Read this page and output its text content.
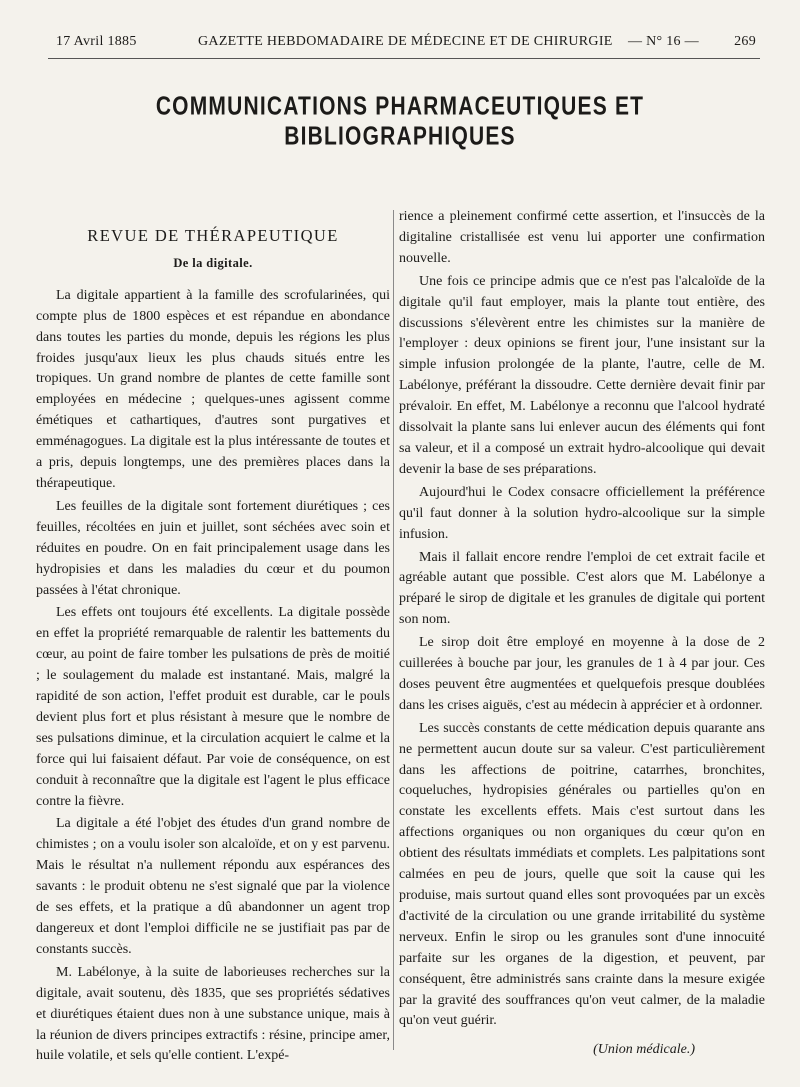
17 Avril 1885	GAZETTE HEBDOMADAIRE DE MÉDECINE ET DE CHIRURGIE — N° 16 —	269
COMMUNICATIONS PHARMACEUTIQUES ET BIBLIOGRAPHIQUES
REVUE DE THÉRAPEUTIQUE
De la digitale.

La digitale appartient à la famille des scrofularinées, qui compte plus de 1800 espèces et est répandue en abondance dans toutes les parties du monde, depuis les régions les plus froides jusqu'aux lieux les plus chauds situés entre les tropiques. Un grand nombre de plantes de cette famille sont employées en médecine ; quelques-unes agissent comme émétiques et cathartiques, d'autres sont purgatives et emménagogues. La digitale est la plus intéressante de toutes et a pris, depuis longtemps, une des premières places dans la thérapeutique.

Les feuilles de la digitale sont fortement diurétiques ; ces feuilles, récoltées en juin et juillet, sont séchées avec soin et réduites en poudre. On en fait principalement usage dans les hydropisies et dans les maladies du cœur et du poumon passées à l'état chronique.

Les effets ont toujours été excellents. La digitale possède en effet la propriété remarquable de ralentir les battements du cœur, au point de faire tomber les pulsations de près de moitié ; le soulagement du malade est instantané. Mais, malgré la rapidité de son action, l'effet produit est durable, car le pouls devient plus fort et plus résistant à mesure que le nombre de ses pulsations diminue, et la circulation acquiert le calme et la force qui lui faisaient défaut. Par voie de conséquence, on est conduit à reconnaître que la digitale est l'agent le plus efficace contre la fièvre.

La digitale a été l'objet des études d'un grand nombre de chimistes ; on a voulu isoler son alcaloïde, et on y est parvenu. Mais le résultat n'a nullement répondu aux espérances des savants : le produit obtenu ne s'est signalé que par la violence de ses effets, et la pratique a dû abandonner un agent trop dangereux et dont l'emploi difficile ne se justifiait pas par de constants succès.

M. Labélonye, à la suite de laborieuses recherches sur la digitale, avait soutenu, dès 1835, que ses propriétés sédatives et diurétiques étaient dues non à une substance unique, mais à la réunion de divers principes extractifs : résine, principe amer, huile volatile, et sels qu'elle contient. L'expé-

rience a pleinement confirmé cette assertion, et l'insuccès de la digitaline cristallisée est venu lui apporter une confirmation nouvelle.

Une fois ce principe admis que ce n'est pas l'alcaloïde de la digitale qu'il faut employer, mais la plante tout entière, des discussions s'élevèrent entre les chimistes sur la manière de l'employer : deux opinions se firent jour, l'une insistant sur la simple infusion prolongée de la plante, l'autre, celle de M. Labélonye, préférant la dissoudre. Cette dernière devait finir par prévaloir. En effet, M. Labélonye a reconnu que l'alcool hydraté dissolvait la plante sans lui enlever aucun des éléments qui font sa valeur, et il a composé un extrait hydro-alcoolique qui devait devenir la base de ses préparations.

Aujourd'hui le Codex consacre officiellement la préférence qu'il faut donner à la solution hydro-alcoolique sur la simple infusion.

Mais il fallait encore rendre l'emploi de cet extrait facile et agréable autant que possible. C'est alors que M. Labélonye a préparé le sirop de digitale et les granules de digitale qui portent son nom.

Le sirop doit être employé en moyenne à la dose de 2 cuillerées à bouche par jour, les granules de 1 à 4 par jour. Ces doses peuvent être augmentées et quelquefois presque doublées dans les crises aiguës, c'est au médecin à apprécier et à ordonner.

Les succès constants de cette médication depuis quarante ans ne permettent aucun doute sur sa valeur. C'est particulièrement dans les affections de poitrine, catarrhes, bronchites, coqueluches, hydropisies générales ou partielles qu'on en constate les excellents effets. Mais c'est surtout dans les affections organiques ou non organiques du cœur qu'on en obtient des résultats immédiats et complets. Les palpitations sont calmées en peu de jours, quelle que soit la cause qui les produise, mais surtout quand elles sont provoquées par un excès d'activité de la circulation ou une grande irritabilité du système nerveux. Enfin le sirop ou les granules sont d'une innocuité parfaite sur les organes de la digestion, et peuvent, par conséquent, être administrés sans crainte dans la mesure exigée par la gravité des souffrances qu'on veut calmer, de la maladie qu'on veut guérir.

(Union médicale.)
